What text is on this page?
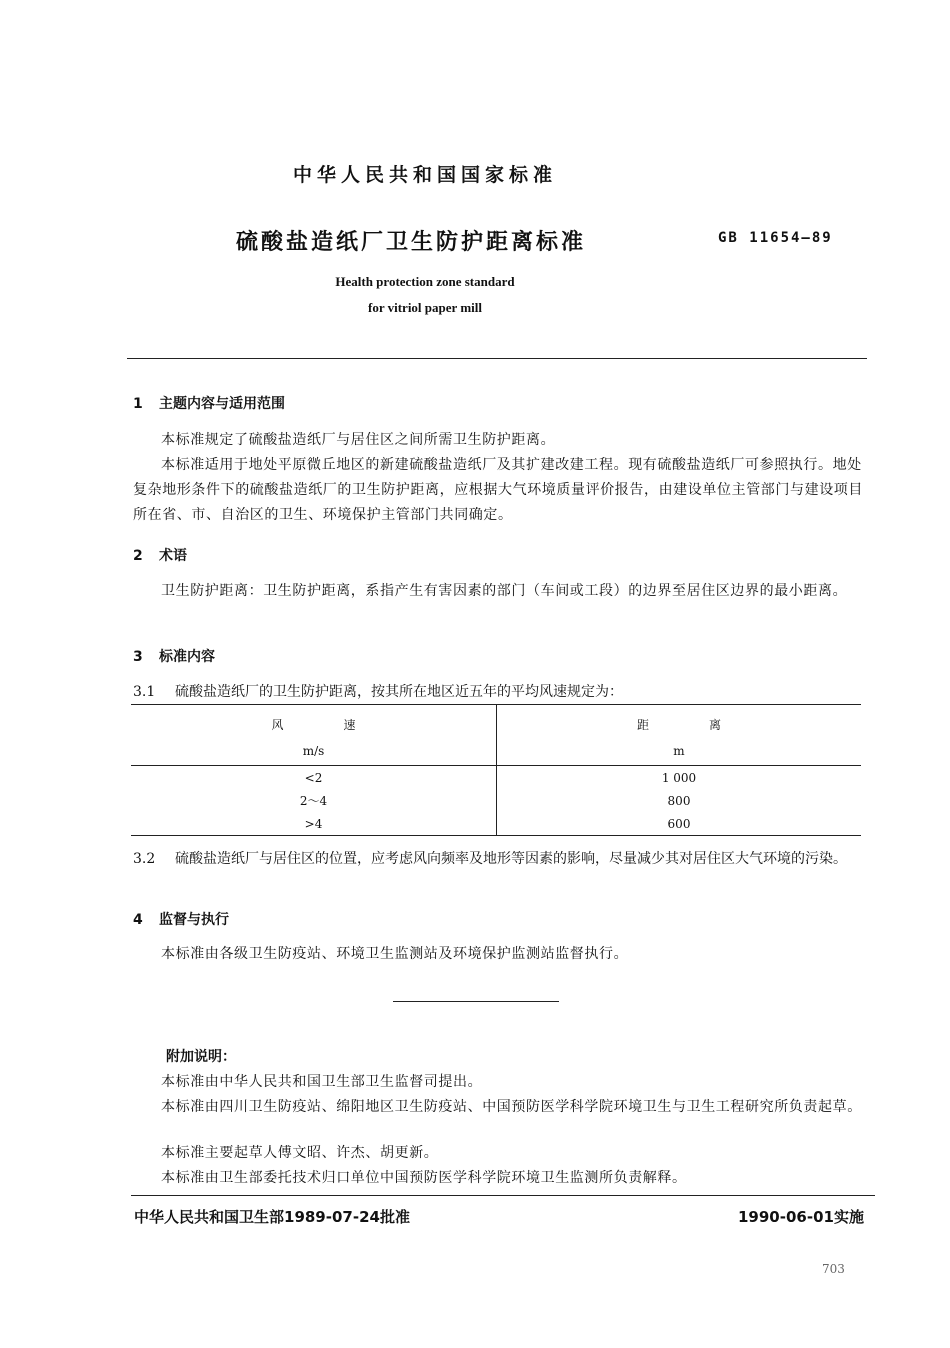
中华人民共和国国家标准
硫酸盐造纸厂卫生防护距离标准	GB 11654—89
Health protection zone standard
for vitriol paper mill
1 主题内容与适用范围
本标准规定了硫酸盐造纸厂与居住区之间所需卫生防护距离。
本标准适用于地处平原微丘地区的新建硫酸盐造纸厂及其扩建改建工程。现有硫酸盐造纸厂可参照执行。地处复杂地形条件下的硫酸盐造纸厂的卫生防护距离，应根据大气环境质量评价报告，由建设单位主管部门与建设项目所在省、市、自治区的卫生、环境保护主管部门共同确定。
2 术语
卫生防护距离：卫生防护距离，系指产生有害因素的部门（车间或工段）的边界至居住区边界的最小距离。
3 标准内容
3.1 硫酸盐造纸厂的卫生防护距离，按其所在地区近五年的平均风速规定为：
风　　　　　速	距　　　　　离
m/s	m
<2	1 000
2～4	800
>4	600
3.2 硫酸盐造纸厂与居住区的位置，应考虑风向频率及地形等因素的影响，尽量减少其对居住区大气环境的污染。
4 监督与执行
本标准由各级卫生防疫站、环境卫生监测站及环境保护监测站监督执行。
附加说明：
本标准由中华人民共和国卫生部卫生监督司提出。
本标准由四川卫生防疫站、绵阳地区卫生防疫站、中国预防医学科学院环境卫生与卫生工程研究所负责起草。
本标准主要起草人傅文昭、许杰、胡更新。
本标准由卫生部委托技术归口单位中国预防医学科学院环境卫生监测所负责解释。
中华人民共和国卫生部1989-07-24批准	1990-06-01实施
703
